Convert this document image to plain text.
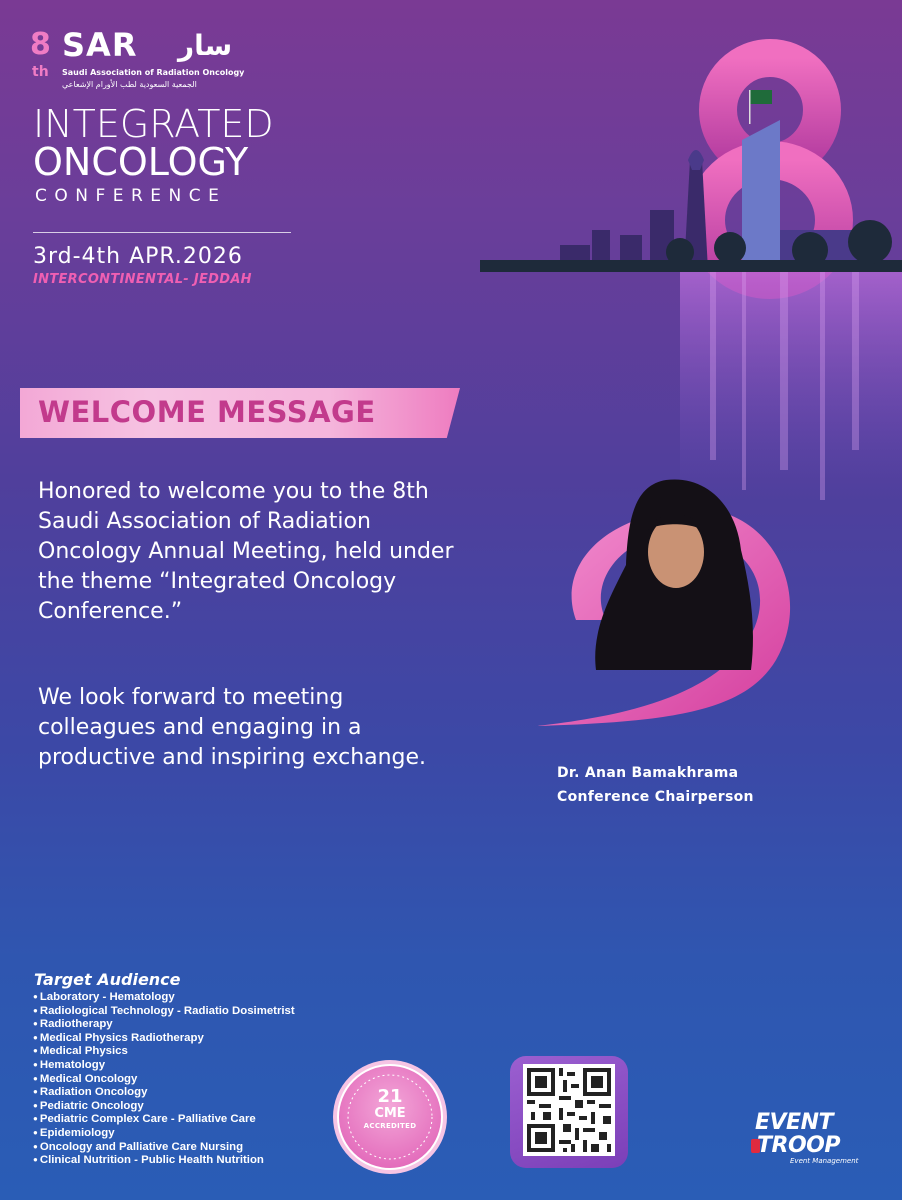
8
th
SAR سار
Saudi Association of Radiation Oncology
الجمعية السعودية لطب الأورام الإشعاعي
INTEGRATED
ONCOLOGY
CONFERENCE
3rd-4th APR.2026
INTERCONTINENTAL- JEDDAH
WELCOME MESSAGE
Honored to welcome you to the 8th Saudi Association of Radiation Oncology Annual Meeting, held under the theme “Integrated Oncology Conference.”
We look forward to meeting colleagues and engaging in a productive and inspiring exchange.
Dr. Anan Bamakhrama
Conference Chairperson
Target Audience
● Laboratory - Hematology
● Radiological Technology - Radiatio Dosimetrist
● Radiotherapy
● Medical Physics Radiotherapy
● Medical Physics
● Hematology
● Medical Oncology
● Radiation Oncology
● Pediatric Oncology
● Pediatric Complex Care - Palliative Care
● Epidemiology
● Oncology and Palliative Care Nursing
● Clinical Nutrition - Public Health Nutrition
21
CME
ACCREDITED	EVENT
TROOP
Event Management
